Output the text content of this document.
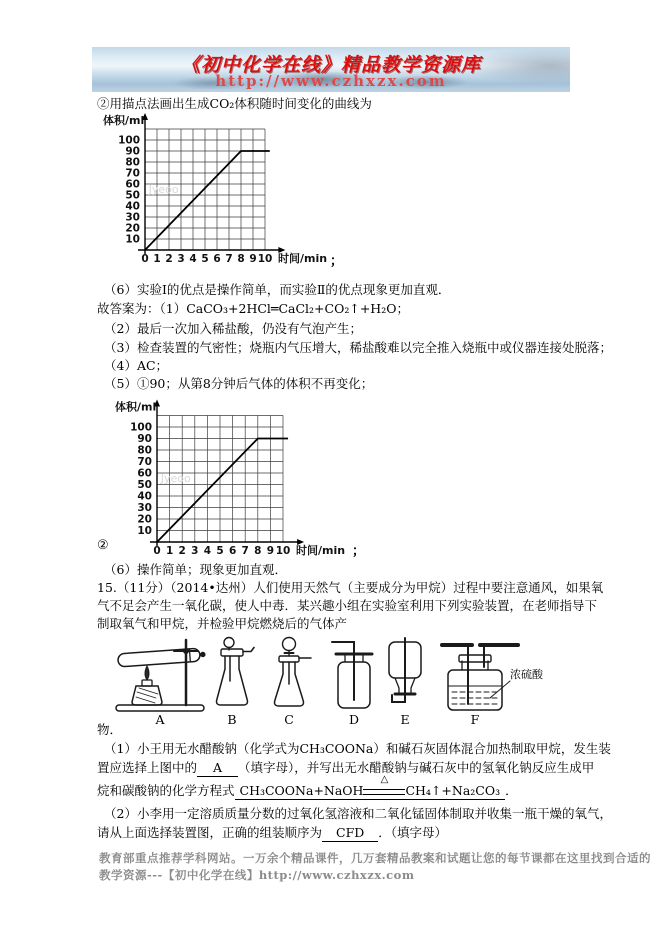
《初中化学在线》精品教学资源库
http://www.czhxzx.com
②用描点法画出生成CO₂体积随时间变化的曲线为
Jyeoo
10
20
30
40
50
60
70
80
90
100
0 1 2 3 4 5 6 7 8 9 10
体积/ml
时间/min ；
（6）实验Ⅰ的优点是操作简单，而实验Ⅱ的优点现象更加直观．
故答案为：（1）CaCO₃+2HCl═CaCl₂+CO₂↑+H₂O；
（2）最后一次加入稀盐酸，仍没有气泡产生；
（3）检查装置的气密性；烧瓶内气压增大，稀盐酸难以完全推入烧瓶中或仪器连接处脱落；
（4）AC；
（5）①90；从第8分钟后气体的体积不再变化；
Jyeoo
10
20
30
40
50
60
70
80
90
100
0 1 2 3 4 5 6 7 8 9 10
体积/ml
时间/min
②	；
（6）操作简单；现象更加直观．
15.（11分）（2014•达州）人们使用天然气（主要成分为甲烷）过程中要注意通风，如果氧
气不足会产生一氧化碳，使人中毒．某兴趣小组在实验室利用下列实验装置，在老师指导下
制取氧气和甲烷，并检验甲烷燃烧后的气体产
A	B	C	D	E
浓硫酸
F
物．
（1）小王用无水醋酸钠（化学式为CH₃COONa）和碱石灰固体混合加热制取甲烷，发生装
置应选择上图中的 A （填字母），并写出无水醋酸钠与碱石灰中的氢氧化钠反应生成甲
烷和碳酸钠的化学方程式 CH₃COONa+NaOH
△
CH₄↑+Na₂CO₃ ．
（2）小李用一定溶质质量分数的过氧化氢溶液和二氧化锰固体制取并收集一瓶干燥的氧气，
请从上面选择装置图，正确的组装顺序为 CFD ．（填字母）
教育部重点推荐学科网站。一万余个精品课件，几万套精品教案和试题让您的每节课都在这里找到合适的
教学资源---【初中化学在线】http://www.czhxzx.com
